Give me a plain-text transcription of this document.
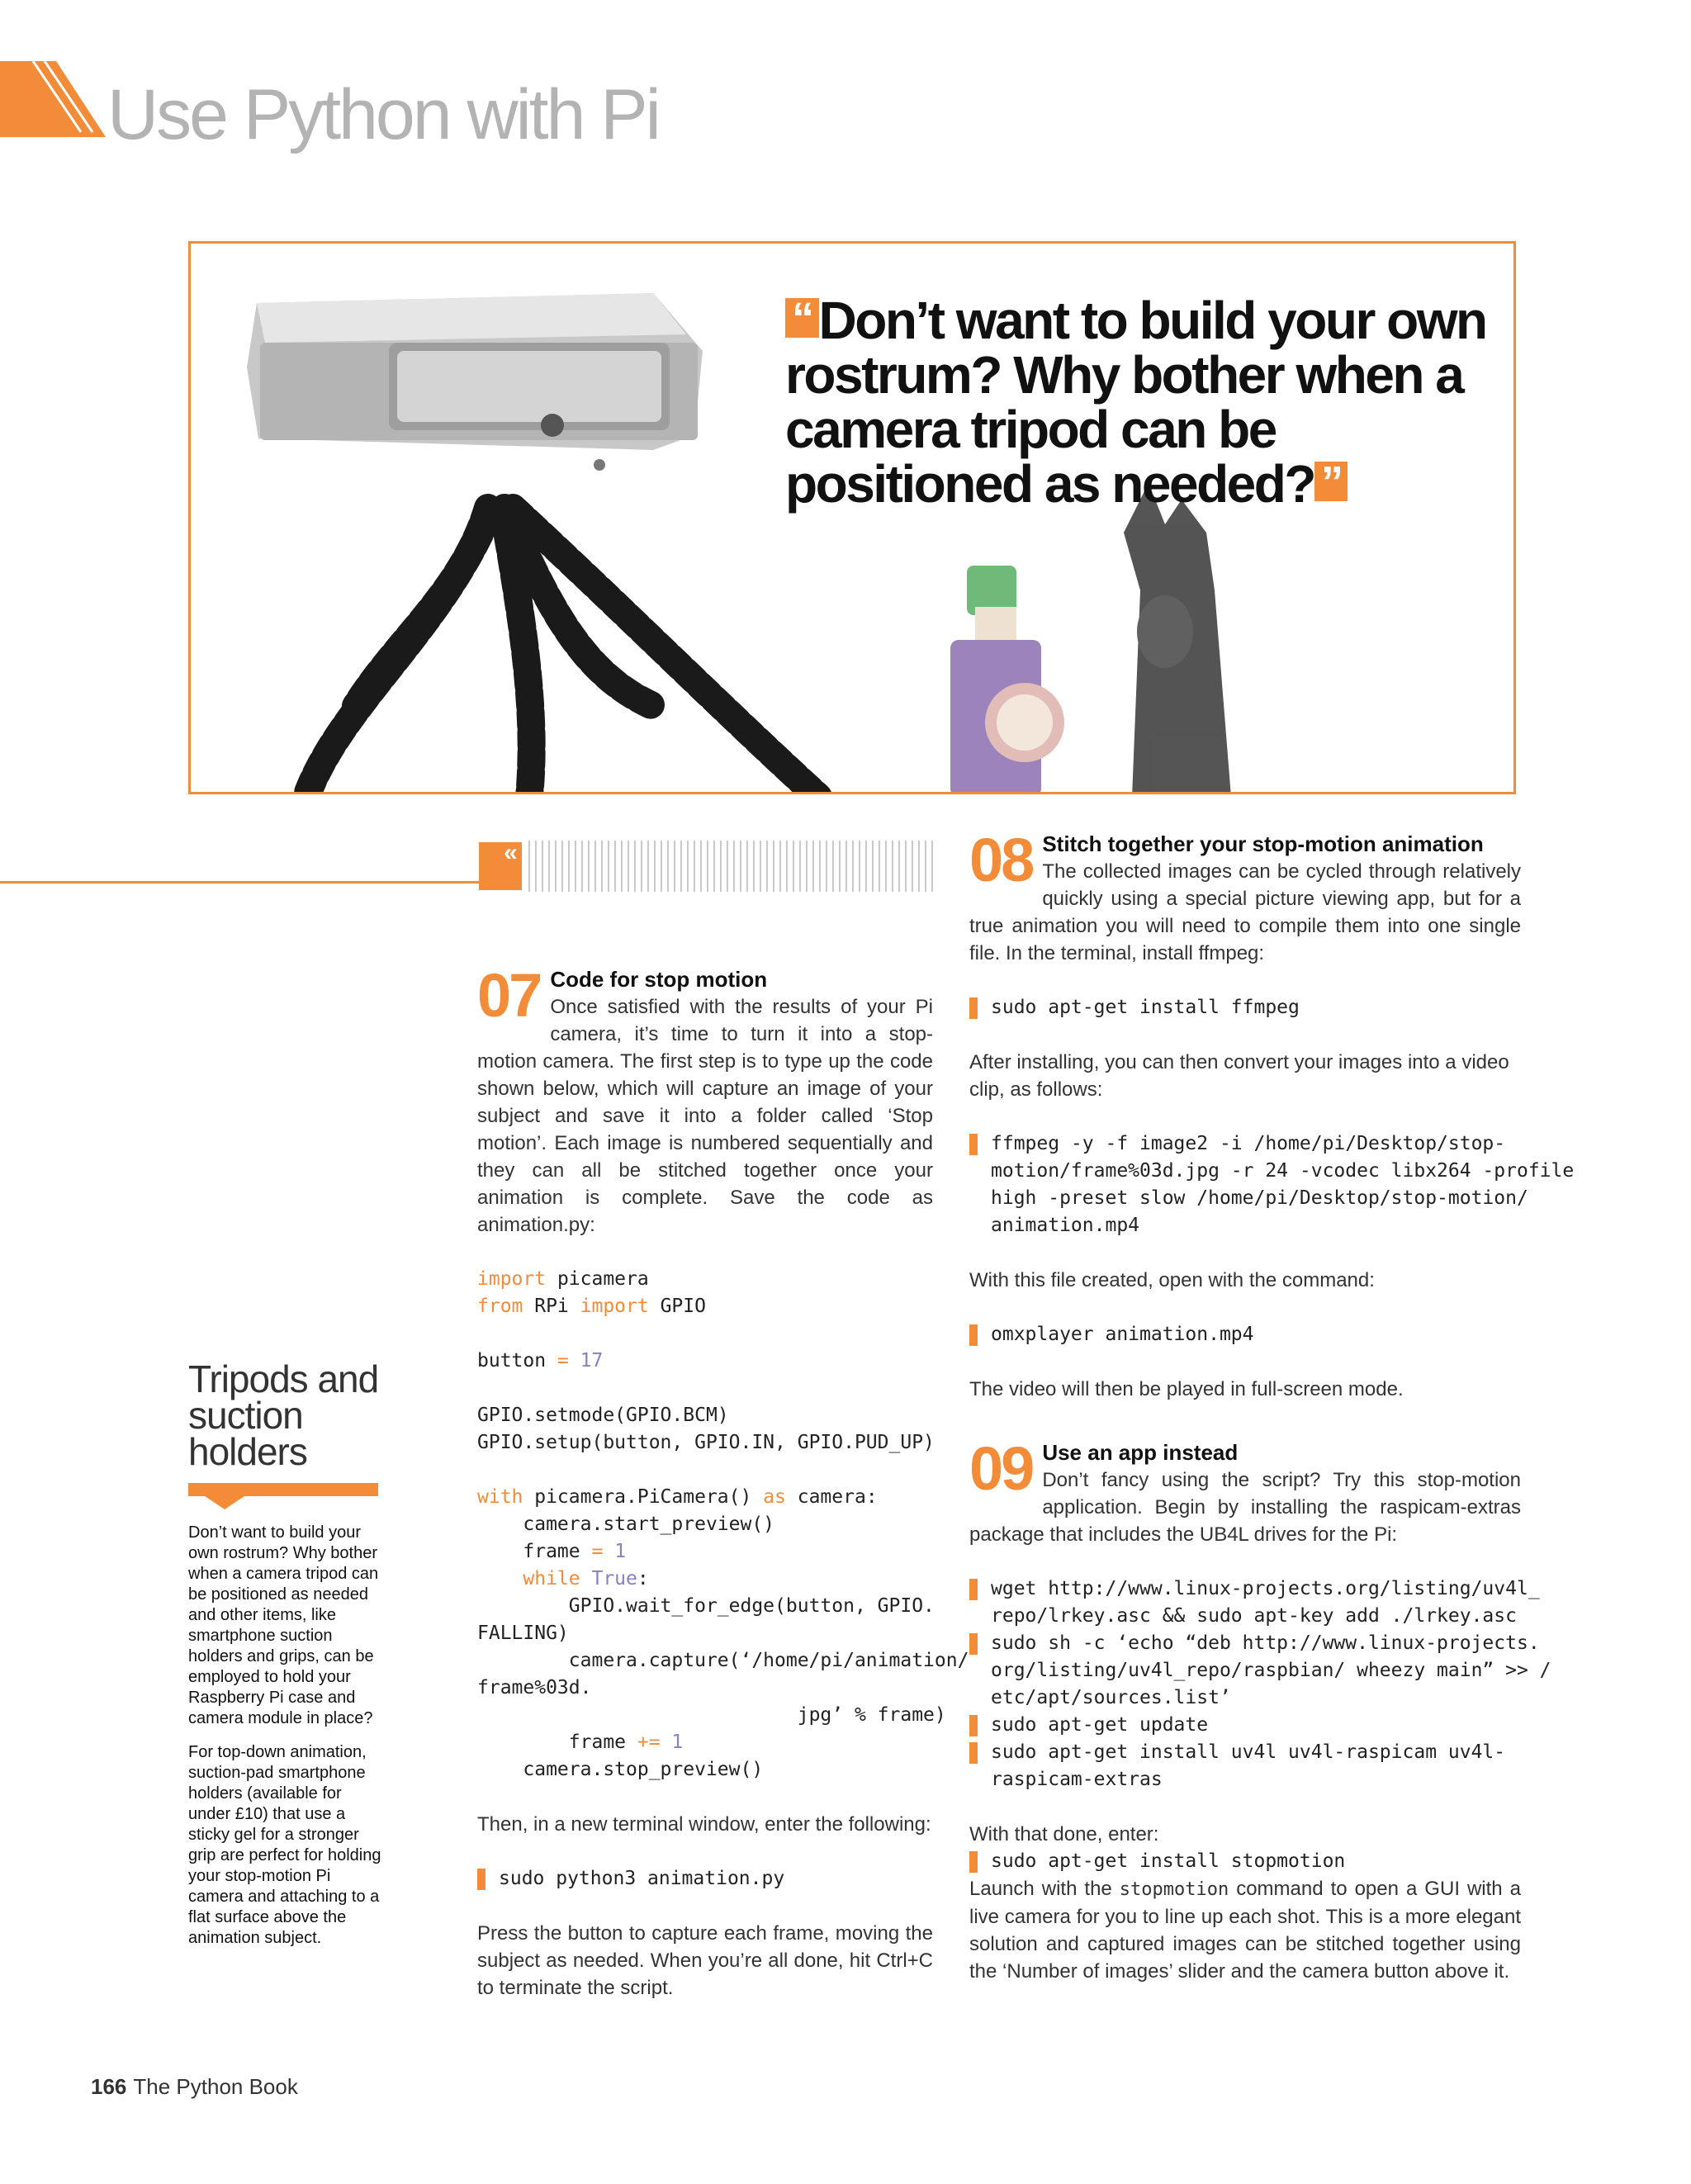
Use Python with Pi
“ Don’t want to build your own rostrum? Why bother when a camera tripod can be positioned as needed? ”
«

07 Code for stop motion
Once satisfied with the results of your Pi camera, it’s time to turn it into a stop-motion camera. The first step is to type up the code shown below, which will capture an image of your subject and save it into a folder called ‘Stop motion’. Each image is numbered sequentially and they can all be stitched together once your animation is complete. Save the code as animation.py:

import picamera
from RPi import GPIO

button = 17

GPIO.setmode(GPIO.BCM)
GPIO.setup(button, GPIO.IN, GPIO.PUD_UP)

with picamera.PiCamera() as camera:
camera.start_preview()
frame = 1
while True:
GPIO.wait_for_edge(button, GPIO.
FALLING)
camera.capture(‘/home/pi/animation/
frame%03d.
jpg’ % frame)
frame += 1
camera.stop_preview()

Then, in a new terminal window, enter the following:

sudo python3 animation.py

Press the button to capture each frame, moving the subject as needed. When you’re all done, hit Ctrl+C to terminate the script.

08 Stitch together your stop-motion animation
The collected images can be cycled through relatively quickly using a special picture viewing app, but for a true animation you will need to compile them into one single file. In the terminal, install ffmpeg:

sudo apt-get install ffmpeg

After installing, you can then convert your images into a video clip, as follows:

ffmpeg -y -f image2 -i /home/pi/Desktop/stop-
motion/frame%03d.jpg -r 24 -vcodec libx264 -profile
high -preset slow /home/pi/Desktop/stop-motion/
animation.mp4

With this file created, open with the command:

omxplayer animation.mp4

The video will then be played in full-screen mode.

09 Use an app instead
Don’t fancy using the script? Try this stop-motion application. Begin by installing the raspicam-extras package that includes the UB4L drives for the Pi:

wget http://www.linux-projects.org/listing/uv4l_
repo/lrkey.asc && sudo apt-key add ./lrkey.asc
sudo sh -c ‘echo “deb http://www.linux-projects.
org/listing/uv4l_repo/raspbian/ wheezy main” >> /
etc/apt/sources.list’
sudo apt-get update
sudo apt-get install uv4l uv4l-raspicam uv4l-
raspicam-extras

With that done, enter:

sudo apt-get install stopmotion

Launch with the stopmotion command to open a GUI with a live camera for you to line up each shot. This is a more elegant solution and captured images can be stitched together using the ‘Number of images’ slider and the camera button above it.

Tripods and suction holders

Don’t want to build your own rostrum? Why bother when a camera tripod can be positioned as needed and other items, like smartphone suction holders and grips, can be employed to hold your Raspberry Pi case and camera module in place?

For top-down animation, suction-pad smartphone holders (available for under £10) that use a sticky gel for a stronger grip are perfect for holding your stop-motion Pi camera and attaching to a flat surface above the animation subject.

166 The Python Book
